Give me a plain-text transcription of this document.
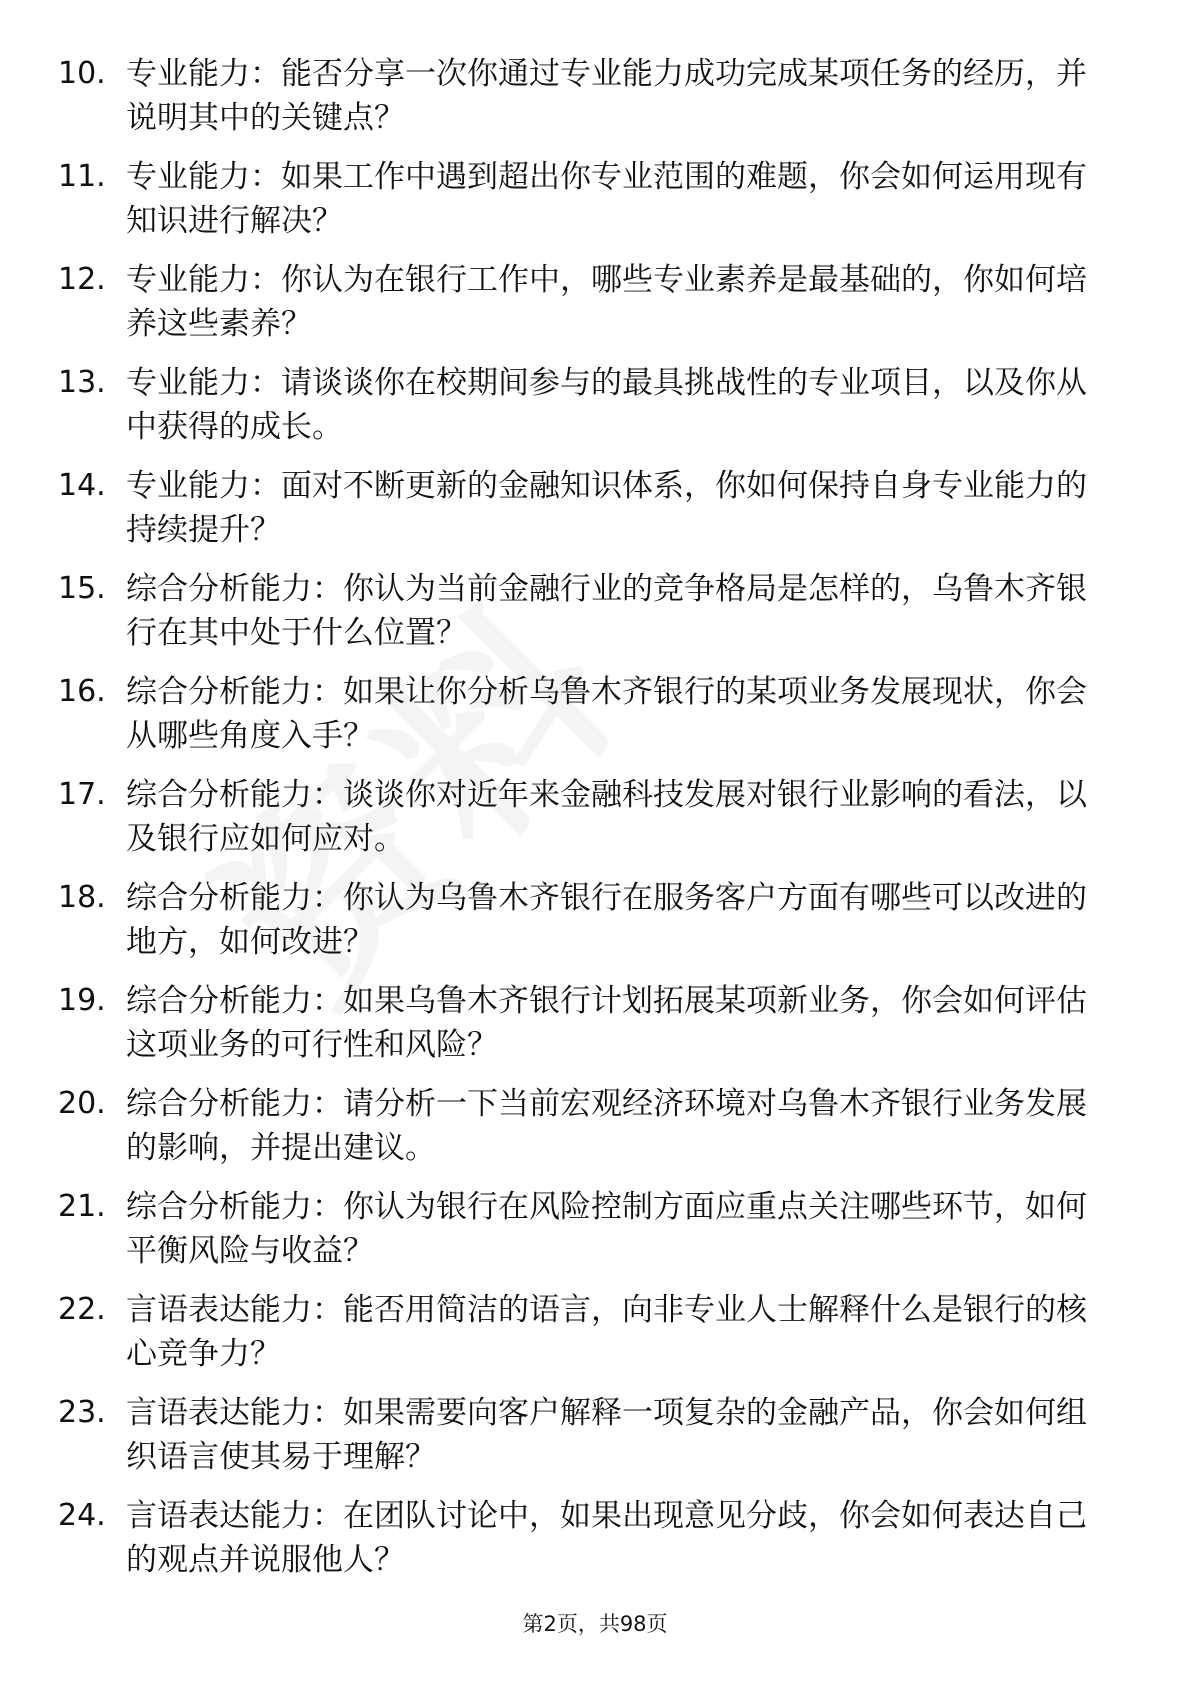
10. 专业能力：能否分享一次你通过专业能力成功完成某项任务的经历，并说明其中的关键点？
11. 专业能力：如果工作中遇到超出你专业范围的难题，你会如何运用现有知识进行解决？
12. 专业能力：你认为在银行工作中，哪些专业素养是最基础的，你如何培养这些素养？
13. 专业能力：请谈谈你在校期间参与的最具挑战性的专业项目，以及你从中获得的成长。
14. 专业能力：面对不断更新的金融知识体系，你如何保持自身专业能力的持续提升？
15. 综合分析能力：你认为当前金融行业的竞争格局是怎样的，乌鲁木齐银行在其中处于什么位置？
16. 综合分析能力：如果让你分析乌鲁木齐银行的某项业务发展现状，你会从哪些角度入手？
17. 综合分析能力：谈谈你对近年来金融科技发展对银行业影响的看法，以及银行应如何应对。
18. 综合分析能力：你认为乌鲁木齐银行在服务客户方面有哪些可以改进的地方，如何改进？
19. 综合分析能力：如果乌鲁木齐银行计划拓展某项新业务，你会如何评估这项业务的可行性和风险？
20. 综合分析能力：请分析一下当前宏观经济环境对乌鲁木齐银行业务发展的影响，并提出建议。
21. 综合分析能力：你认为银行在风险控制方面应重点关注哪些环节，如何平衡风险与收益？
22. 言语表达能力：能否用简洁的语言，向非专业人士解释什么是银行的核心竞争力？
23. 言语表达能力：如果需要向客户解释一项复杂的金融产品，你会如何组织语言使其易于理解？
24. 言语表达能力：在团队讨论中，如果出现意见分歧，你会如何表达自己的观点并说服他人？
第2页，共98页
